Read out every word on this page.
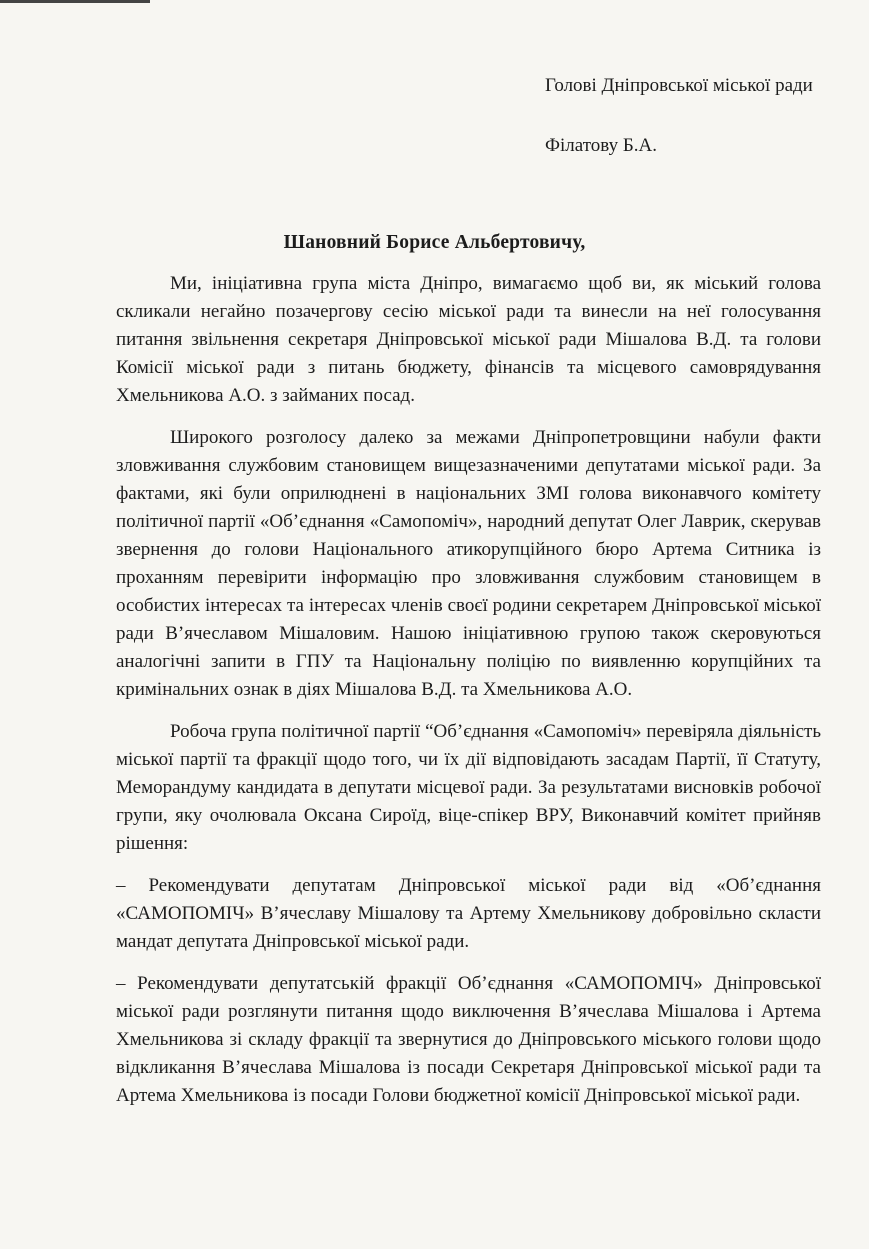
Голові Дніпровської міської ради
Філатову Б.А.
Шановний Борисе Альбертовичу,

Ми, ініціативна група міста Дніпро, вимагаємо щоб ви, як міський голова скликали негайно позачергову сесію міської ради та винесли на неї голосування питання звільнення секретаря Дніпровської міської ради Мішалова В.Д. та голови Комісії міської ради з питань бюджету, фінансів та місцевого самоврядування Хмельникова А.О. з займаних посад.

Широкого розголосу далеко за межами Дніпропетровщини набули факти зловживання службовим становищем вищезазначеними депутатами міської ради. За фактами, які були оприлюднені в національних ЗМІ голова виконавчого комітету політичної партії «Об’єднання «Самопоміч», народний депутат Олег Лаврик, скерував звернення до голови Національного атикорупційного бюро Артема Ситника із проханням перевірити інформацію про зловживання службовим становищем в особистих інтересах та інтересах членів своєї родини секретарем Дніпровської міської ради В’ячеславом Мішаловим. Нашою ініціативною групою також скеровуються аналогічні запити в ГПУ та Національну поліцію по виявленню корупційних та кримінальних ознак в діях Мішалова В.Д. та Хмельникова А.О.

Робоча група політичної партії “Об’єднання «Самопоміч» перевіряла діяльність міської партії та фракції щодо того, чи їх дії відповідають засадам Партії, її Статуту, Меморандуму кандидата в депутати місцевої ради. За результатами висновків робочої групи, яку очолювала Оксана Сироїд, віце-спікер ВРУ, Виконавчий комітет прийняв рішення:

– Рекомендувати депутатам Дніпровської міської ради від «Об’єднання «САМОПОМІЧ» В’ячеславу Мішалову та Артему Хмельникову добровільно скласти мандат депутата Дніпровської міської ради.

– Рекомендувати депутатській фракції Об’єднання «САМОПОМІЧ» Дніпровської міської ради розглянути питання щодо виключення В’ячеслава Мішалова і Артема Хмельникова зі складу фракції та звернутися до Дніпровського міського голови щодо відкликання В’ячеслава Мішалова із посади Секретаря Дніпровської міської ради та Артема Хмельникова із посади Голови бюджетної комісії Дніпровської міської ради.
